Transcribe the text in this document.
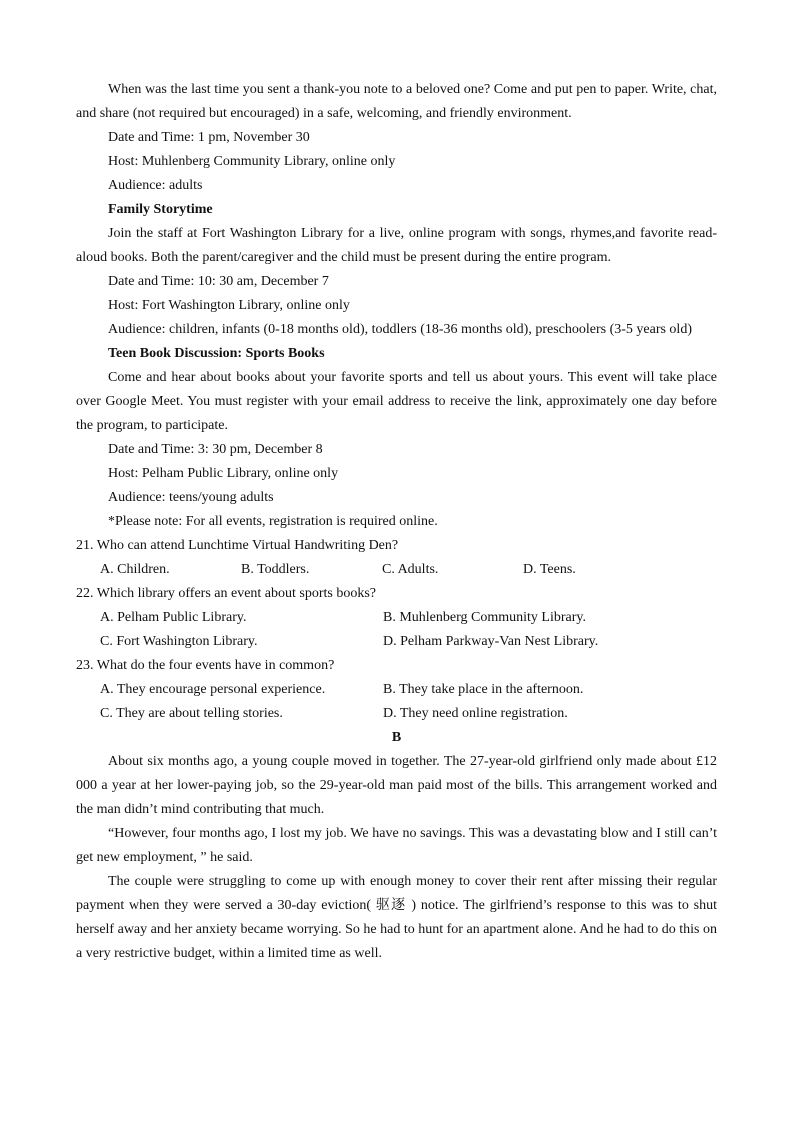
When was the last time you sent a thank-you note to a beloved one? Come and put pen to paper. Write, chat, and share (not required but encouraged) in a safe, welcoming, and friendly environment.

Date and Time: 1 pm, November 30
Host: Muhlenberg Community Library, online only
Audience: adults
Family Storytime

Join the staff at Fort Washington Library for a live, online program with songs, rhymes,and favorite read-aloud books. Both the parent/caregiver and the child must be present during the entire program.

Date and Time: 10: 30 am, December 7
Host: Fort Washington Library, online only

Audience: children, infants (0-18 months old), toddlers (18-36 months old), preschoolers (3-5 years old)

Teen Book Discussion: Sports Books

Come and hear about books about your favorite sports and tell us about yours. This event will take place over Google Meet. You must register with your email address to receive the link, approximately one day before the program, to participate.

Date and Time: 3: 30 pm, December 8
Host: Pelham Public Library, online only
Audience: teens/young adults
*Please note: For all events, registration is required online.
21. Who can attend Lunchtime Virtual Handwriting Den?
A. Children.	B. Toddlers.	C. Adults.	D. Teens.
22. Which library offers an event about sports books?
A. Pelham Public Library.	B. Muhlenberg Community Library.
C. Fort Washington Library.	D. Pelham Parkway-Van Nest Library.
23. What do the four events have in common?
A. They encourage personal experience.	B. They take place in the afternoon.
C. They are about telling stories.	D. They need online registration.
B

About six months ago, a young couple moved in together. The 27-year-old girlfriend only made about £12 000 a year at her lower-paying job, so the 29-year-old man paid most of the bills. This arrangement worked and the man didn’t mind contributing that much.

“However, four months ago, I lost my job. We have no savings. This was a devastating blow and I still can’t get new employment, ” he said.

The couple were struggling to come up with enough money to cover their rent after missing their regular payment when they were served a 30-day eviction( 驱逐 ) notice. The girlfriend’s response to this was to shut herself away and her anxiety became worrying. So he had to hunt for an apartment alone. And he had to do this on a very restrictive budget, within a limited time as well.
